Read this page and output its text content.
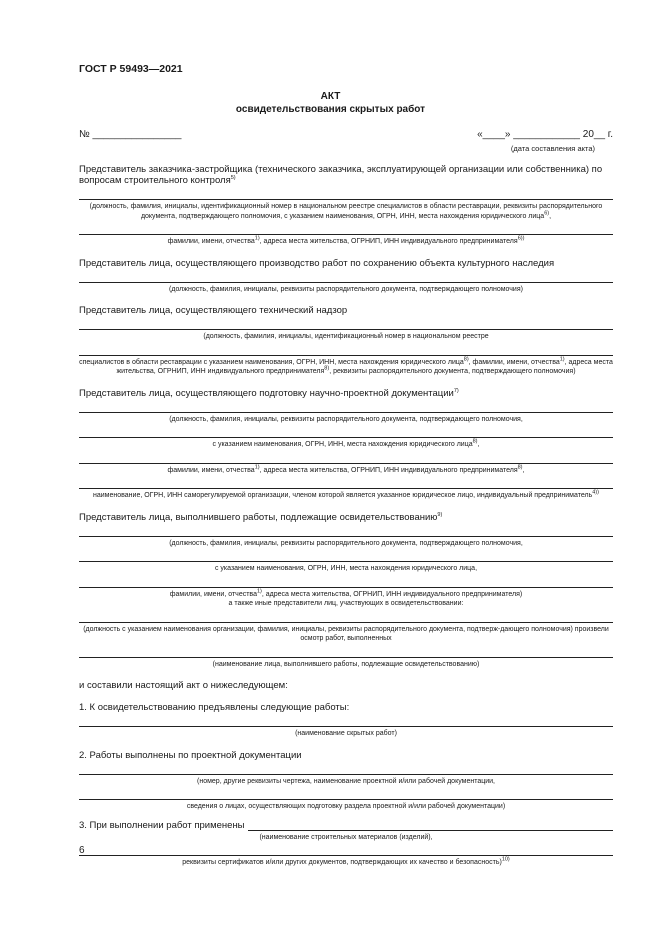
ГОСТ Р 59493—2021
АКТ
освидетельствования скрытых работ
№ ________________	«____» ____________ 20__ г.
(дата составления акта)
Представитель заказчика-застройщика (технического заказчика, эксплуатирующей организации или собственника) по вопросам строительного контроля$^{5)}$
(должность, фамилия, инициалы, идентификационный номер в национальном реестре специалистов в области реставрации, реквизиты распорядительного документа, подтверждающего полномочия, с указанием наименования, ОГРН, ИНН, места нахождения юридического лица$^{6)}$,
фамилии, имени, отчества$^{1)}$, адреса места жительства, ОГРНИП, ИНН индивидуального предпринимателя$^{6))}$
Представитель лица, осуществляющего производство работ по сохранению объекта культурного наследия
(должность, фамилия, инициалы, реквизиты распорядительного документа, подтверждающего полномочия)
Представитель лица, осуществляющего технический надзор
(должность, фамилия, инициалы, идентификационный номер в национальном реестре
специалистов в области реставрации с указанием наименования, ОГРН, ИНН, места нахождения юридического лица$^{8)}$, фамилии, имени, отчества$^{1)}$, адреса места жительства, ОГРНИП, ИНН индивидуального предпринимателя$^{8)}$, реквизиты распорядительного документа, подтверждающего полномочия)
Представитель лица, осуществляющего подготовку научно-проектной документации$^{7)}$
(должность, фамилия, инициалы, реквизиты распорядительного документа, подтверждающего полномочия,
с указанием наименования, ОГРН, ИНН, места нахождения юридического лица$^{8)}$,
фамилии, имени, отчества$^{1)}$, адреса места жительства, ОГРНИП, ИНН индивидуального предпринимателя$^{8)}$,
наименование, ОГРН, ИНН саморегулируемой организации, членом которой является указанное юридическое лицо, индивидуальный предприниматель$^{4))}$
Представитель лица, выполнившего работы, подлежащие освидетельствованию$^{9)}$
(должность, фамилия, инициалы, реквизиты распорядительного документа, подтверждающего полномочия,
с указанием наименования, ОГРН, ИНН, места нахождения юридического лица,
фамилии, имени, отчества$^{1)}$, адреса места жительства, ОГРНИП, ИНН индивидуального предпринимателя)
а также иные представители лиц, участвующих в освидетельствовании:
(должность с указанием наименования организации, фамилия, инициалы, реквизиты распорядительного документа, подтверж-дающего полномочия) произвели осмотр работ, выполненных
(наименование лица, выполнившего работы, подлежащие освидетельствованию)
и составили настоящий акт о нижеследующем:
1. К освидетельствованию предъявлены следующие работы:
(наименование скрытых работ)
2. Работы выполнены по проектной документации
(номер, другие реквизиты чертежа, наименование проектной и/или рабочей документации,
сведения о лицах, осуществляющих подготовку раздела проектной и/или рабочей документации)
3. При выполнении работ применены
(наименование строительных материалов (изделий),
реквизиты сертификатов и/или других документов, подтверждающих их качество и безопасность)$^{10)}$
6
